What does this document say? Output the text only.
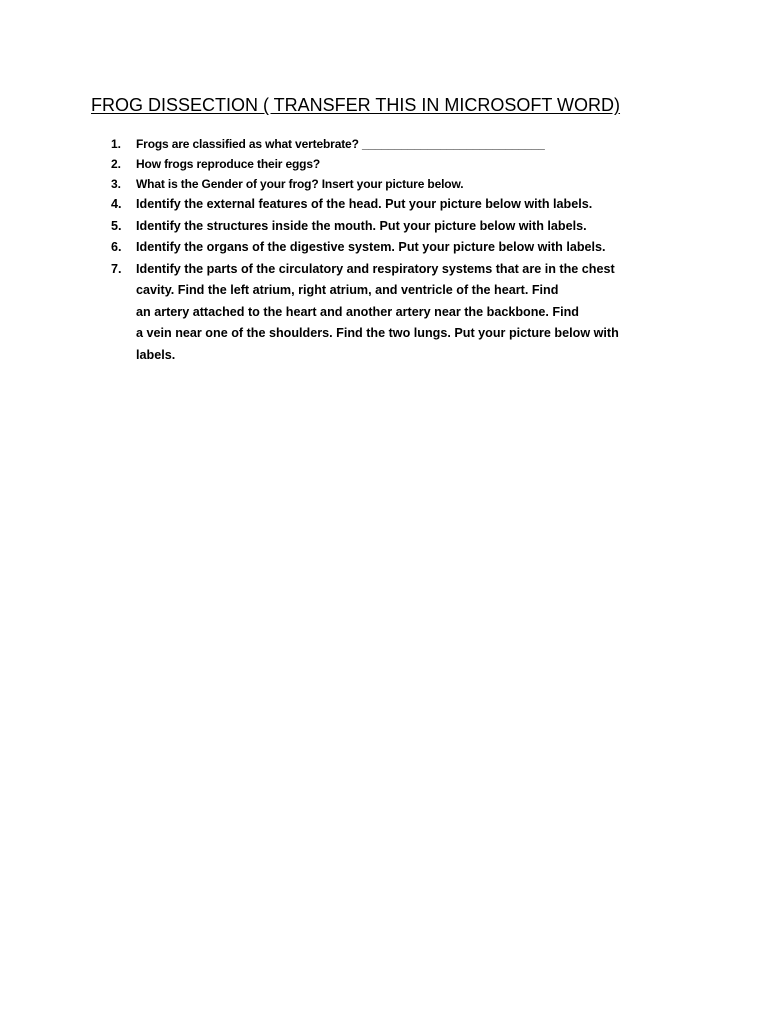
FROG DISSECTION ( TRANSFER THIS IN MICROSOFT WORD)
1. Frogs are classified as what vertebrate? ____________________________
2. How frogs reproduce their eggs?
3. What is the Gender of your frog? Insert your picture below.
4. Identify the external features of the head. Put your picture below with labels.
5. Identify the structures inside the mouth. Put your picture below with labels.
6. Identify the organs of the digestive system. Put your picture below with labels.
7. Identify the parts of the circulatory and respiratory systems that are in the chest
cavity. Find the left atrium, right atrium, and ventricle of the heart. Find
an artery attached to the heart and another artery near the backbone. Find
a vein near one of the shoulders. Find the two lungs. Put your picture below with
labels.
